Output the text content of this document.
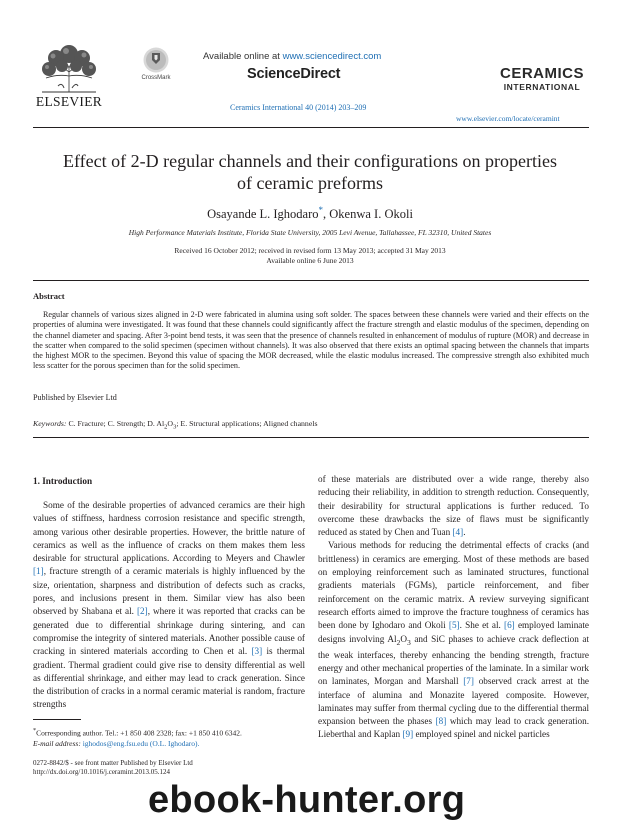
ELSEVIER
CrossMark
Available online at www.sciencedirect.com
ScienceDirect
Ceramics International 40 (2014) 203–209
CERAMICS
INTERNATIONAL
www.elsevier.com/locate/ceramint
Effect of 2-D regular channels and their configurations on properties of ceramic preforms
Osayande L. Ighodaro*, Okenwa I. Okoli
High Performance Materials Institute, Florida State University, 2005 Levi Avenue, Tallahassee, FL 32310, United States
Received 16 October 2012; received in revised form 13 May 2013; accepted 31 May 2013
Available online 6 June 2013
Abstract
Regular channels of various sizes aligned in 2-D were fabricated in alumina using soft solder. The spaces between these channels were varied and their effects on the properties of alumina were investigated. It was found that these channels could significantly affect the fracture strength and elastic modulus of the specimen, depending on the channel diameter and spacing. After 3-point bend tests, it was seen that the presence of channels resulted in enhancement of modulus of rupture (MOR) and decrease in the scatter when compared to the solid specimen (specimen without channels). It was also observed that there exists an optimal spacing between the channels that imparts the highest MOR to the specimen. Beyond this value of spacing the MOR decreased, while the elastic modulus increased. The compressive strength also exhibited much less scatter for the porous specimen than for the solid specimen.
Published by Elsevier Ltd
Keywords: C. Fracture; C. Strength; D. $Al_2O_3$; E. Structural applications; Aligned channels
1. Introduction
Some of the desirable properties of advanced ceramics are their high values of stiffness, hardness corrosion resistance and specific strength, among various other desirable properties. However, the brittle nature of ceramics as well as the influence of cracks on them makes them less desirable for structural applications. According to Meyers and Chawler [1], fracture strength of a ceramic materials is highly influenced by the size, orientation, sharpness and distribution of defects such as cracks, pores, and inclusions present in them. Similar view has also been observed by Shabana et al. [2], where it was reported that cracks can be generated due to differential shrinkage during sintering, and can compromise the integrity of sintered materials. Another possible cause of cracking in sintered materials according to Chen et al. [3] is thermal gradient. Thermal gradient could give rise to density differential as well as differential shrinkage, and either may lead to crack generation. Since the distribution of cracks in a normal ceramic material is random, fracture strengths

of these materials are distributed over a wide range, thereby also reducing their reliability, in addition to strength reduction. Consequently, their desirability for structural applications is further reduced. To overcome these drawbacks the size of flaws must be significantly reduced as stated by Chen and Tuan [4].

Various methods for reducing the detrimental effects of cracks (and brittleness) in ceramics are emerging. Most of these methods are based on employing reinforcement such as laminated structures, functional gradients materials (FGMs), particle reinforcement, and fiber reinforcement on the ceramic matrix. A review surveying significant research efforts aimed to improve the fracture toughness of ceramics has been done by Ighodaro and Okoli [5]. She et al. [6] employed laminate designs involving $Al_2O_3$ and SiC phases to achieve crack deflection at the weak interfaces, thereby enhancing the bending strength, fracture energy and other mechanical properties of the laminate. In a similar work on laminates, Morgan and Marshall [7] observed crack arrest at the interface of alumina and Monazite layered composite. However, laminates may suffer from thermal cycling due to the differential thermal expansion between the phases [8] which may lead to crack generation. Lieberthal and Kaplan [9] employed spinel and nickel particles

*Corresponding author. Tel.: +1 850 408 2328; fax: +1 850 410 6342.
E-mail address: ighodos@eng.fsu.edu (O.L. Ighodaro).
0272-8842/$ - see front matter Published by Elsevier Ltd
http://dx.doi.org/10.1016/j.ceramint.2013.05.124
ebook-hunter.org
